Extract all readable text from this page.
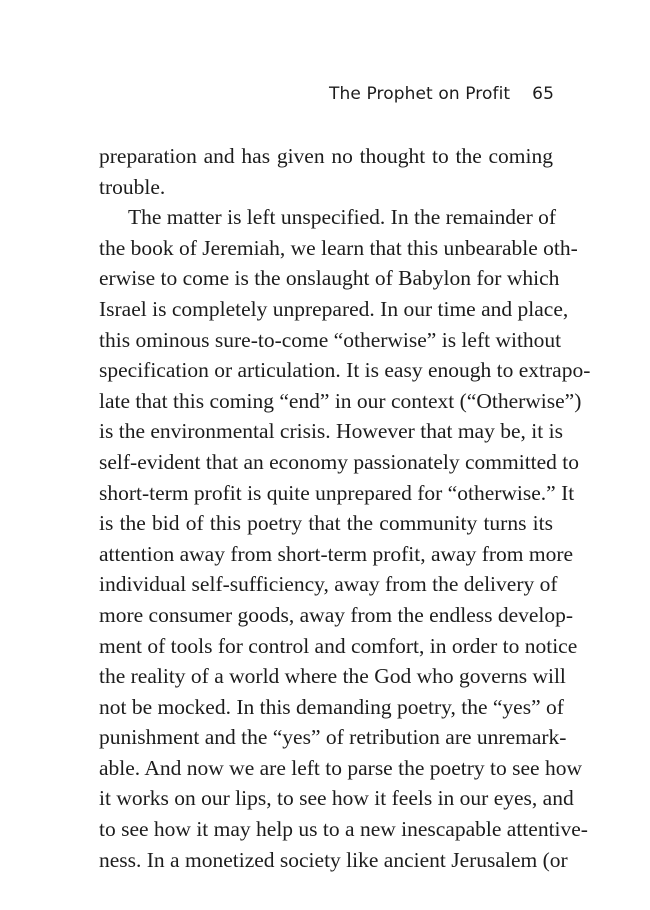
The Prophet on Profit 65
preparation and has given no thought to the coming
trouble.
The matter is left unspecified. In the remainder of
the book of Jeremiah, we learn that this unbearable oth-
erwise to come is the onslaught of Babylon for which
Israel is completely unprepared. In our time and place,
this ominous sure-to-come “otherwise” is left without
specification or articulation. It is easy enough to extrapo-
late that this coming “end” in our context (“Otherwise”)
is the environmental crisis. However that may be, it is
self-evident that an economy passionately committed to
short-term profit is quite unprepared for “otherwise.” It
is the bid of this poetry that the community turns its
attention away from short-term profit, away from more
individual self-sufficiency, away from the delivery of
more consumer goods, away from the endless develop-
ment of tools for control and comfort, in order to notice
the reality of a world where the God who governs will
not be mocked. In this demanding poetry, the “yes” of
punishment and the “yes” of retribution are unremark-
able. And now we are left to parse the poetry to see how
it works on our lips, to see how it feels in our eyes, and
to see how it may help us to a new inescapable attentive-
ness. In a monetized society like ancient Jerusalem (or
